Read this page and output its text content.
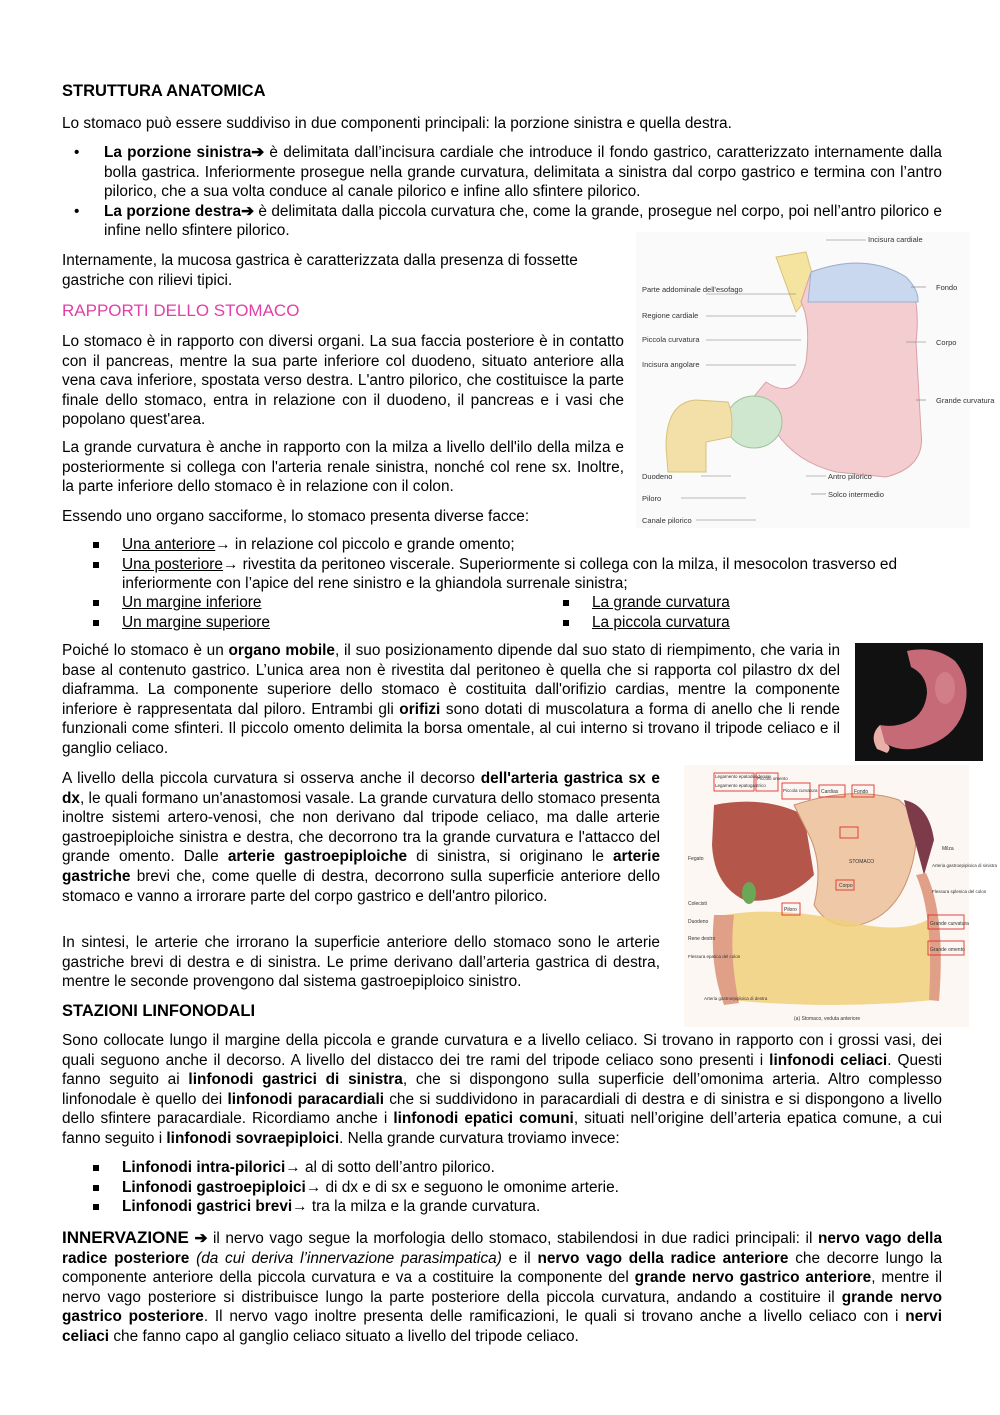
STRUTTURA ANATOMICA

Lo stomaco può essere suddiviso in due componenti principali: la porzione sinistra e quella destra.

• La porzione sinistra➔ è delimitata dall’incisura cardiale che introduce il fondo gastrico, caratterizzato internamente dalla bolla gastrica. Inferiormente prosegue nella grande curvatura, delimitata a sinistra dal corpo gastrico e termina con l’antro pilorico, che a sua volta conduce al canale pilorico e infine allo sfintere pilorico.
• La porzione destra➔ è delimitata dalla piccola curvatura che, come la grande, prosegue nel corpo, poi nell’antro pilorico e infine nello sfintere pilorico.

Internamente, la mucosa gastrica è caratterizzata dalla presenza di fossette gastriche con rilievi tipici.

RAPPORTI DELLO STOMACO

Lo stomaco è in rapporto con diversi organi. La sua faccia posteriore è in contatto con il pancreas, mentre la sua parte inferiore col duodeno, situato anteriore alla vena cava inferiore, spostata verso destra. L'antro pilorico, che costituisce la parte finale dello stomaco, entra in relazione con il duodeno, il pancreas e i vasi che popolano quest'area.

La grande curvatura è anche in rapporto con la milza a livello dell'ilo della milza e posteriormente si collega con l'arteria renale sinistra, nonché col rene sx. Inoltre, la parte inferiore dello stomaco è in relazione con il colon.

Essendo uno organo sacciforme, lo stomaco presenta diverse facce:

Una anteriore→ in relazione col piccolo e grande omento;
Una posteriore→ rivestita da peritoneo viscerale. Superiormente si collega con la milza, il mesocolon trasverso ed inferiormente con l’apice del rene sinistro e la ghiandola surrenale sinistra;
Un margine inferiore
Un margine superiore
La grande curvatura
La piccola curvatura

Poiché lo stomaco è un organo mobile, il suo posizionamento dipende dal suo stato di riempimento, che varia in base al contenuto gastrico. L’unica area non è rivestita dal peritoneo è quella che si rapporta col pilastro dx del diaframma. La componente superiore dello stomaco è costituita dall'orifizio cardias, mentre la componente inferiore è rappresentata dal piloro. Entrambi gli orifizi sono dotati di muscolatura a forma di anello che li rende funzionali come sfinteri. Il piccolo omento delimita la borsa omentale, al cui interno si trovano il tripode celiaco e il ganglio celiaco.

A livello della piccola curvatura si osserva anche il decorso dell'arteria gastrica sx e dx, le quali formano un'anastomosi vasale. La grande curvatura dello stomaco presenta inoltre sistemi artero-venosi, che non derivano dal tripode celiaco, ma dalle arterie gastroepiploiche sinistra e destra, che decorrono tra la grande curvatura e l'attacco del grande omento. Dalle arterie gastroepiploiche di sinistra, si originano le arterie gastriche brevi che, come quelle di destra, decorrono sulla superficie anteriore dello stomaco e vanno a irrorare parte del corpo gastrico e dell'antro pilorico.

In sintesi, le arterie che irrorano la superficie anteriore dello stomaco sono le arterie gastriche brevi di destra e di sinistra. Le prime derivano dall’arteria gastrica di destra, mentre le seconde provengono dal sistema gastroepiploico sinistro.

STAZIONI LINFONODALI

Sono collocate lungo il margine della piccola e grande curvatura e a livello celiaco. Si trovano in rapporto con i grossi vasi, dei quali seguono anche il decorso. A livello del distacco dei tre rami del tripode celiaco sono presenti i linfonodi celiaci. Questi fanno seguito ai linfonodi gastrici di sinistra, che si dispongono sulla superficie dell’omonima arteria. Altro complesso linfonodale è quello dei linfonodi paracardiali che si suddividono in paracardiali di destra e di sinistra e si dispongono a livello dello sfintere paracardiale. Ricordiamo anche i linfonodi epatici comuni, situati nell’origine dell’arteria epatica comune, a cui fanno seguito i linfonodi sovraepiploici. Nella grande curvatura troviamo invece:

Linfonodi intra-pilorici→ al di sotto dell’antro pilorico.
Linfonodi gastroepiploici→ di dx e di sx e seguono le omonime arterie.
Linfonodi gastrici brevi→ tra la milza e la grande curvatura.

INNERVAZIONE ➔ il nervo vago segue la morfologia dello stomaco, stabilendosi in due radici principali: il nervo vago della radice posteriore (da cui deriva l’innervazione parasimpatica) e il nervo vago della radice anteriore che decorre lungo la componente anteriore della piccola curvatura e va a costituire la componente del grande nervo gastrico anteriore, mentre il nervo vago posteriore si distribuisce lungo la parte posteriore della piccola curvatura, andando a costituire il grande nervo gastrico posteriore. Il nervo vago inoltre presenta delle ramificazioni, le quali si trovano anche a livello celiaco con i nervi celiaci che fanno capo al ganglio celiaco situato a livello del tripode celiaco.

Parte addominale dell'esofago
Regione cardiale
Piccola curvatura
Incisura angolare
Duodeno
Piloro
Canale pilorico
Incisura cardiale
Fondo
Corpo
Grande curvatura
Antro pilorico
Solco intermedio
Legamento epatoduodenale
Legamento epatogastrico
Piccolo omento
Piccola curvatura Cardias	Fondo
Milza
STOMACO
Corpo
Fegato
Colecisti
Duodeno
Rene destro
Flessura epatica del colon
Arteria gastroepiploica di destra
Arteria gastroepiploica di sinistra
Flessura splenica del colon
Grande curvatura
Grande omento
Piloro
(a) Stomaco, veduta anteriore
